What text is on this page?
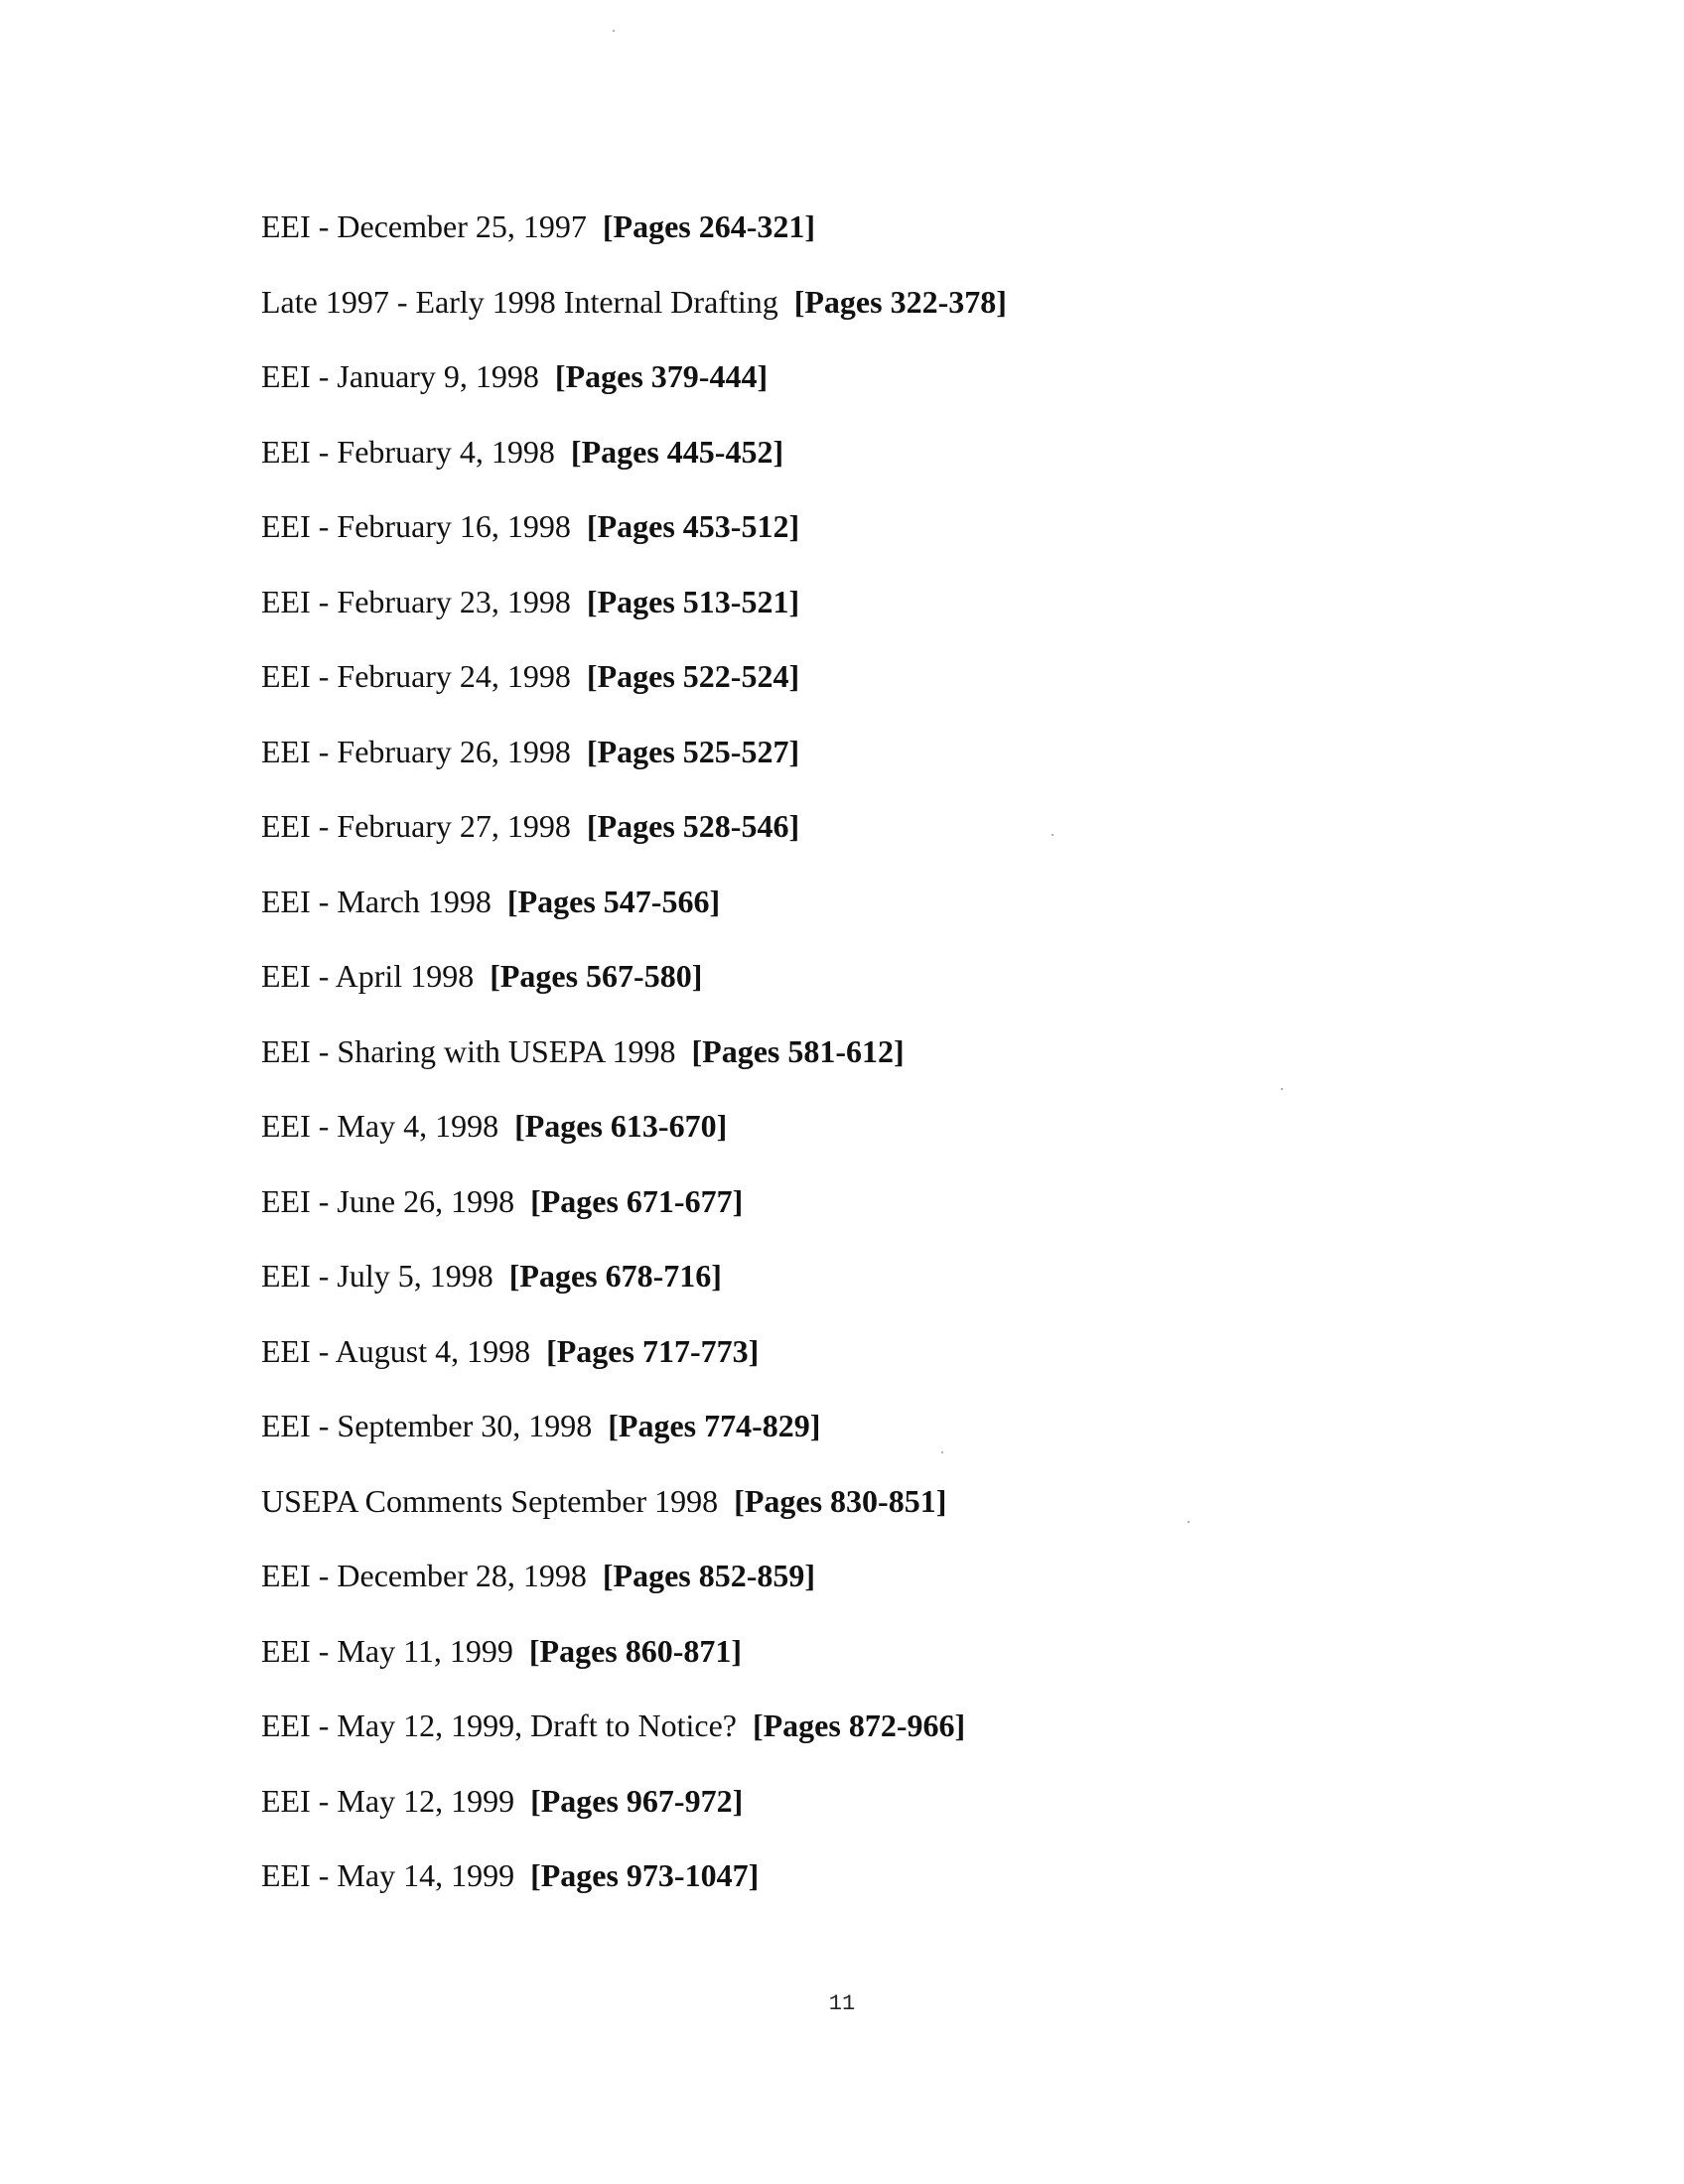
EEI - December 25, 1997 [Pages 264-321]
Late 1997 - Early 1998 Internal Drafting [Pages 322-378]
EEI - January 9, 1998 [Pages 379-444]
EEI - February 4, 1998 [Pages 445-452]
EEI - February 16, 1998 [Pages 453-512]
EEI - February 23, 1998 [Pages 513-521]
EEI - February 24, 1998 [Pages 522-524]
EEI - February 26, 1998 [Pages 525-527]
EEI - February 27, 1998 [Pages 528-546]
EEI - March 1998 [Pages 547-566]
EEI - April 1998 [Pages 567-580]
EEI - Sharing with USEPA 1998 [Pages 581-612]
EEI - May 4, 1998 [Pages 613-670]
EEI - June 26, 1998 [Pages 671-677]
EEI - July 5, 1998 [Pages 678-716]
EEI - August 4, 1998 [Pages 717-773]
EEI - September 30, 1998 [Pages 774-829]
USEPA Comments September 1998 [Pages 830-851]
EEI - December 28, 1998 [Pages 852-859]
EEI - May 11, 1999 [Pages 860-871]
EEI - May 12, 1999, Draft to Notice? [Pages 872-966]
EEI - May 12, 1999 [Pages 967-972]
EEI - May 14, 1999 [Pages 973-1047]
11
